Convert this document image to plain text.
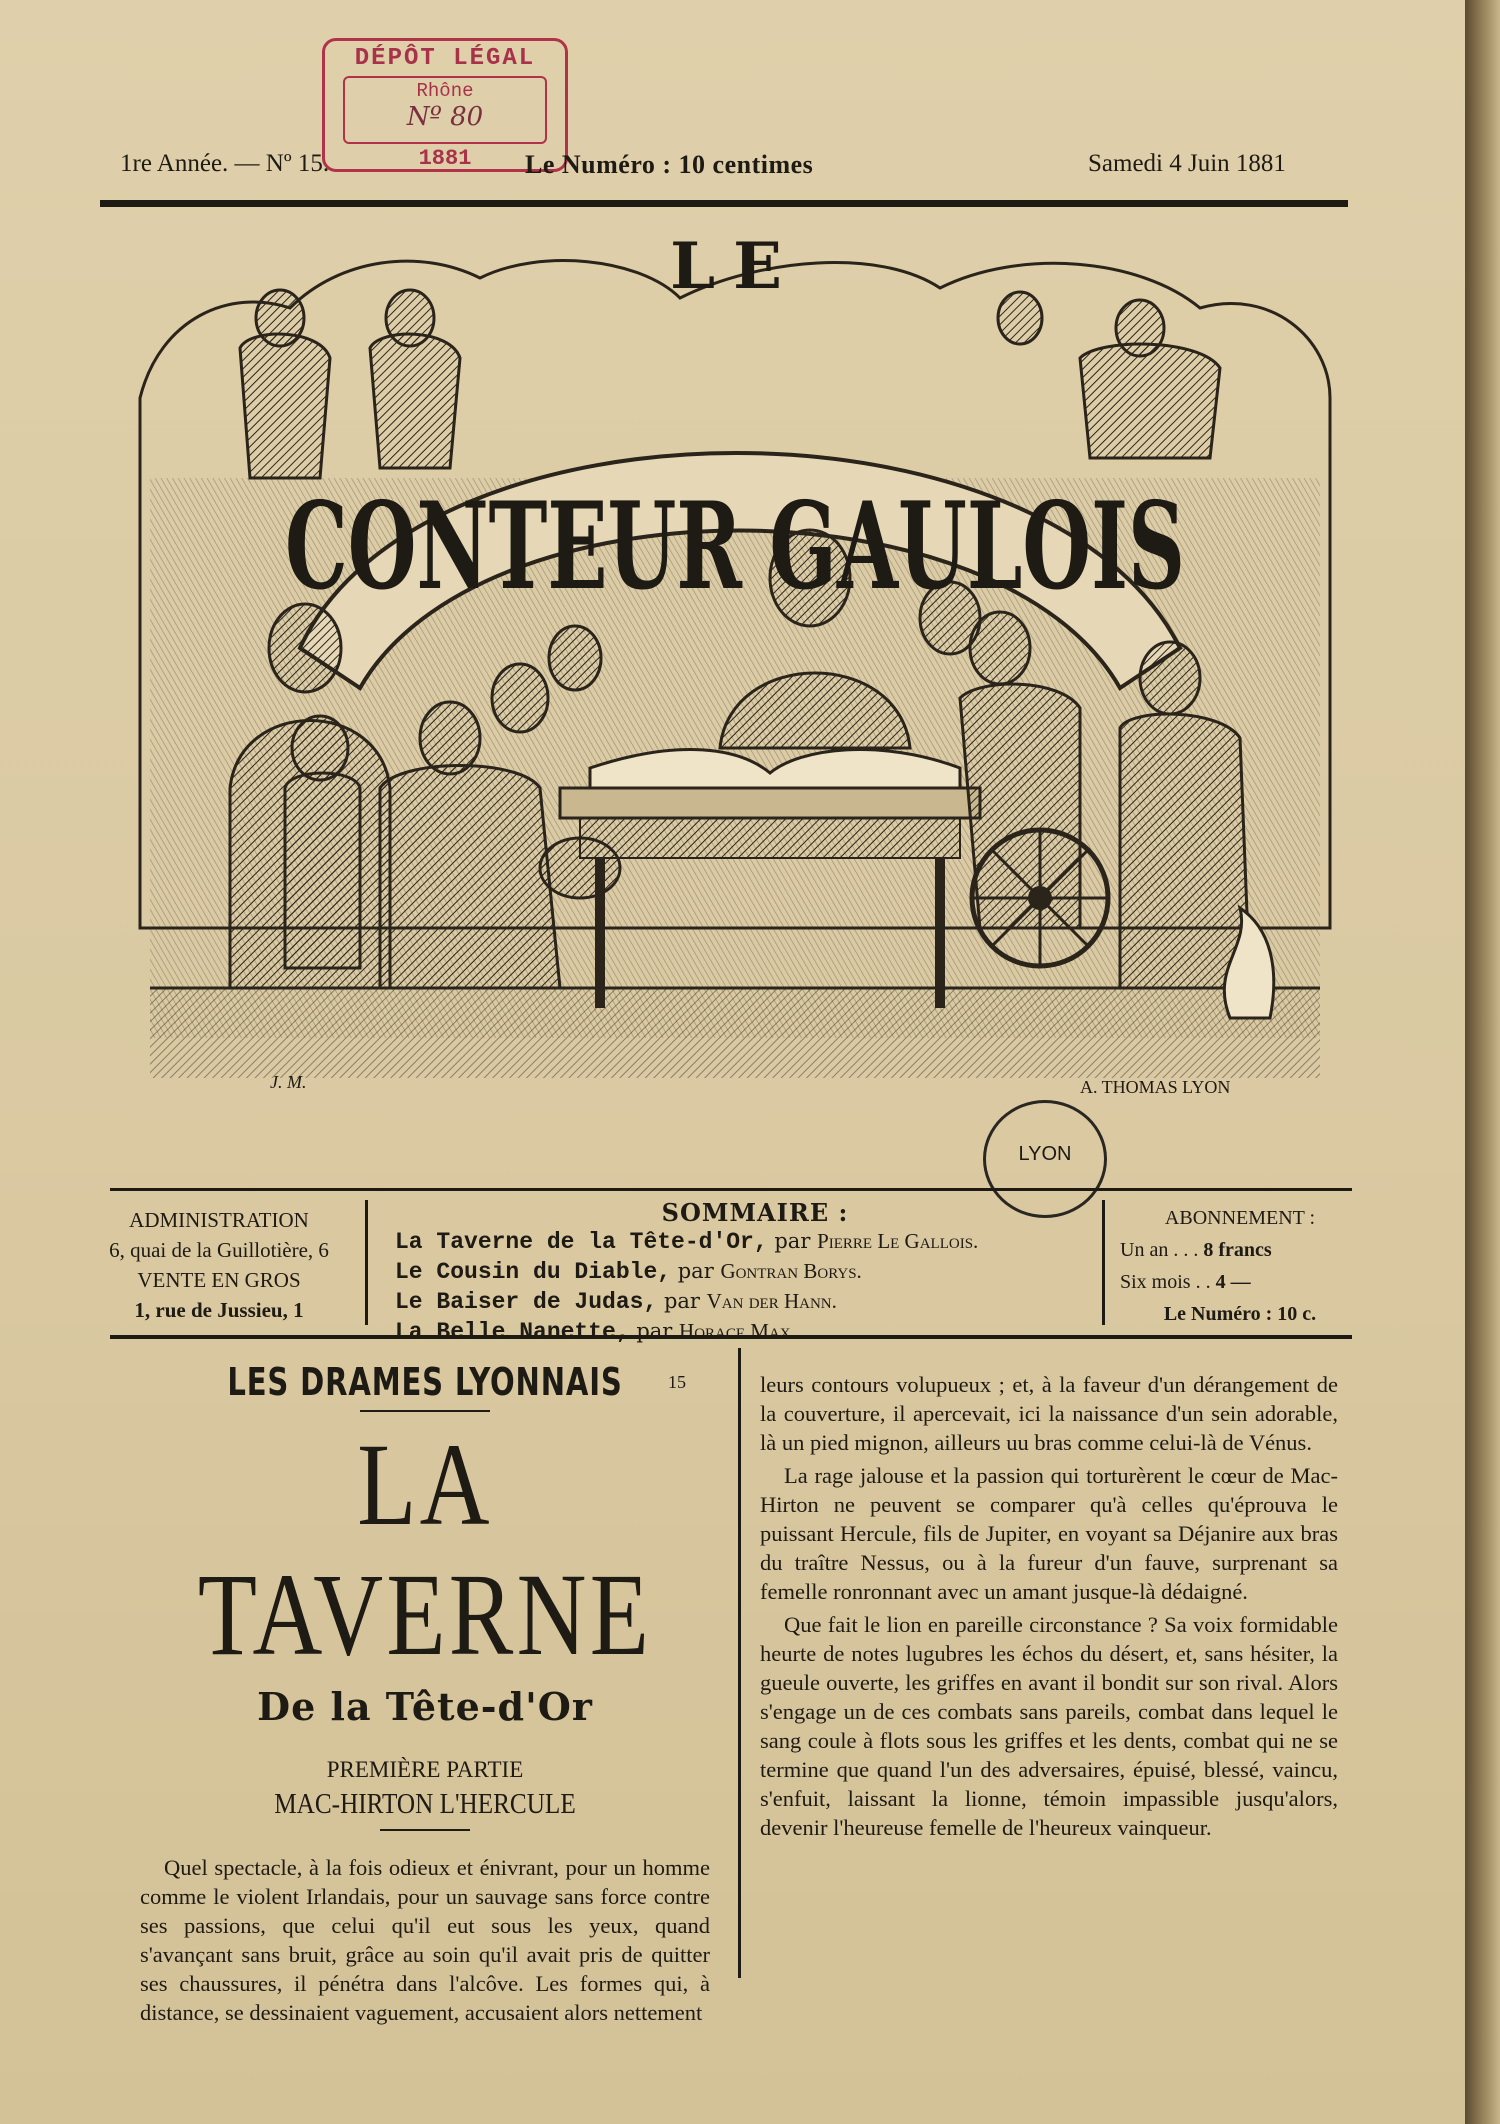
DÉPÔT LÉGAL
Rhône
Nº 80
1881
1re Année. — Nº 15.	Le Numéro : 10 centimes	Samedi 4 Juin 1881
LE
CONTEUR GAULOIS
J. M.	A. THOMAS LYON
LYON
ADMINISTRATION
6, quai de la Guillotière, 6
VENTE EN GROS
1, rue de Jussieu, 1
SOMMAIRE :
La Taverne de la Tête-d'Or, par Pierre Le Gallois.
Le Cousin du Diable, par Gontran Borys.
Le Baiser de Judas, par Van der Hann.
La Belle Nanette, par Horace Max.
ABONNEMENT :
Un an . . . 8 francs
Six mois . . 4 —
Le Numéro : 10 c.
15
LES DRAMES LYONNAIS
LA TAVERNE
De la Tête-d'Or
PREMIÈRE PARTIE
MAC-HIRTON L'HERCULE

Quel spectacle, à la fois odieux et énivrant, pour un homme comme le violent Irlandais, pour un sauvage sans force contre ses passions, que celui qu'il eut sous les yeux, quand s'avançant sans bruit, grâce au soin qu'il avait pris de quitter ses chaussures, il pénétra dans l'alcôve. Les formes qui, à distance, se dessinaient vaguement, accusaient alors nettement

leurs contours volupueux ; et, à la faveur d'un dérangement de la couverture, il apercevait, ici la naissance d'un sein adorable, là un pied mignon, ailleurs uu bras comme celui-là de Vénus.

La rage jalouse et la passion qui torturèrent le cœur de Mac-Hirton ne peuvent se comparer qu'à celles qu'éprouva le puissant Hercule, fils de Jupiter, en voyant sa Déjanire aux bras du traître Nessus, ou à la fureur d'un fauve, surprenant sa femelle ronronnant avec un amant jusque-là dédaigné.

Que fait le lion en pareille circonstance ? Sa voix formidable heurte de notes lugubres les échos du désert, et, sans hésiter, la gueule ouverte, les griffes en avant il bondit sur son rival. Alors s'engage un de ces combats sans pareils, combat dans lequel le sang coule à flots sous les griffes et les dents, combat qui ne se termine que quand l'un des adversaires, épuisé, blessé, vaincu, s'enfuit, laissant la lionne, témoin impassible jusqu'alors, devenir l'heureuse femelle de l'heureux vainqueur.
